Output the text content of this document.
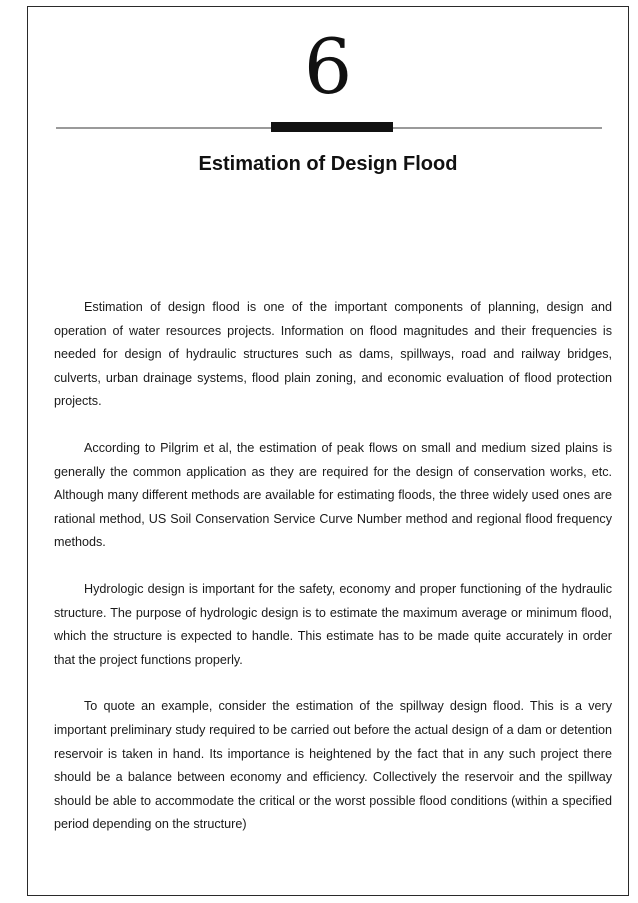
6
Estimation of Design Flood

Estimation of design flood is one of the important components of planning, design and operation of water resources projects. Information on flood magnitudes and their frequencies is needed for design of hydraulic structures such as dams, spillways, road and railway bridges, culverts, urban drainage systems, flood plain zoning, and economic evaluation of flood protection projects.

According to Pilgrim et al, the estimation of peak flows on small and medium sized plains is generally the common application as they are required for the design of conservation works, etc. Although many different methods are available for estimating floods, the three widely used ones are rational method, US Soil Conservation Service Curve Number method and regional flood frequency methods.

Hydrologic design is important for the safety, economy and proper functioning of the hydraulic structure. The purpose of hydrologic design is to estimate the maximum average or minimum flood, which the structure is expected to handle. This estimate has to be made quite accurately in order that the project functions properly.

To quote an example, consider the estimation of the spillway design flood. This is a very important preliminary study required to be carried out before the actual design of a dam or detention reservoir is taken in hand. Its importance is heightened by the fact that in any such project there should be a balance between economy and efficiency. Collectively the reservoir and the spillway should be able to accommodate the critical or the worst possible flood conditions (within a specified period depending on the structure)
